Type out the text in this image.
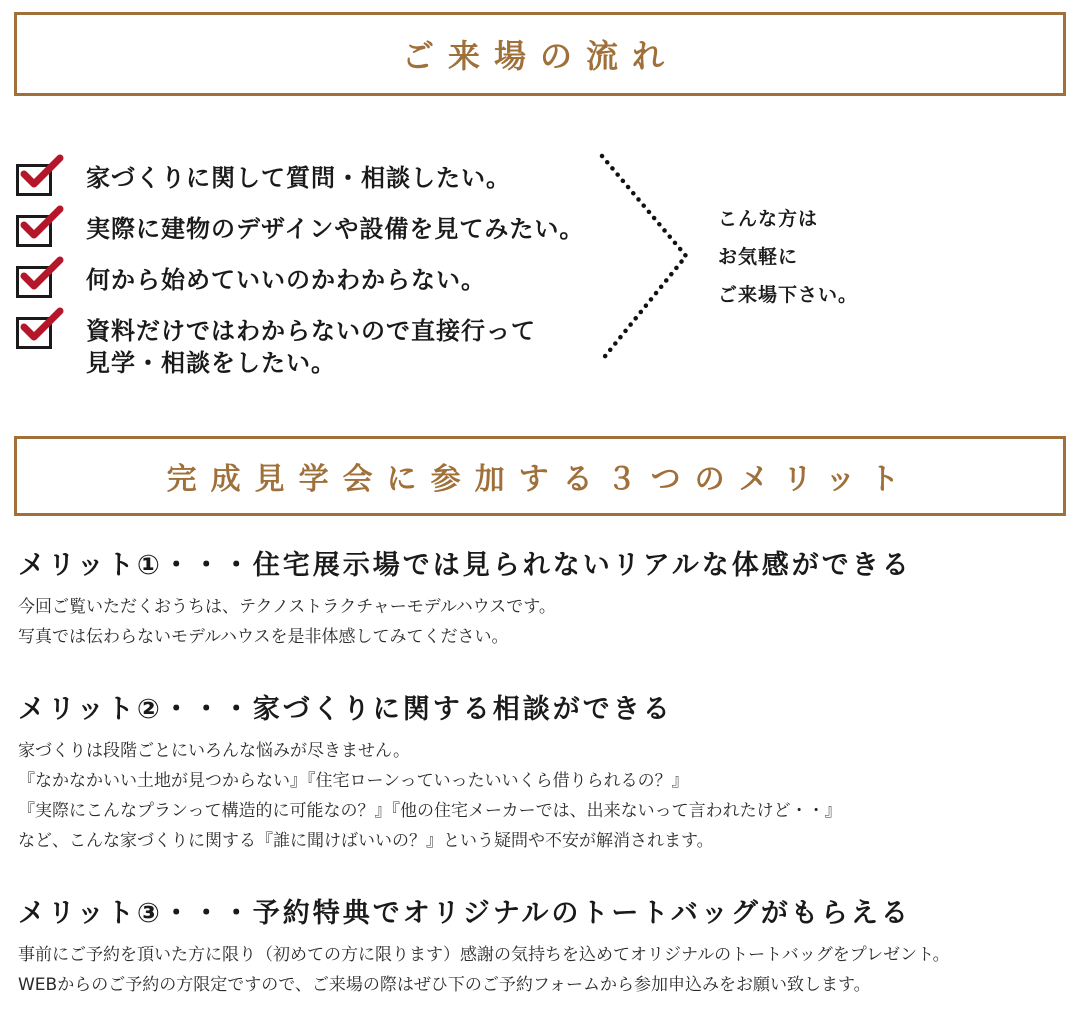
ご来場の流れ
家づくりに関して質問・相談したい。
実際に建物のデザインや設備を見てみたい。
何から始めていいのかわからない。
資料だけではわからないので直接行って
見学・相談をしたい。
こんな方は
お気軽に
ご来場下さい。
完成見学会に参加する３つのメリット
メリット①・・・住宅展示場では見られないリアルな体感ができる
今回ご覧いただくおうちは、テクノストラクチャーモデルハウスです。
写真では伝わらないモデルハウスを是非体感してみてください。
メリット②・・・家づくりに関する相談ができる
家づくりは段階ごとにいろんな悩みが尽きません。
『なかなかいい土地が見つからない』『住宅ローンっていったいいくら借りられるの？』
『実際にこんなプランって構造的に可能なの？』『他の住宅メーカーでは、出来ないって言われたけど・・』
など、こんな家づくりに関する『誰に聞けばいいの？』という疑問や不安が解消されます。
メリット③・・・予約特典でオリジナルのトートバッグがもらえる
事前にご予約を頂いた方に限り（初めての方に限ります）感謝の気持ちを込めてオリジナルのトートバッグをプレゼント。
WEBからのご予約の方限定ですので、ご来場の際はぜひ下のご予約フォームから参加申込みをお願い致します。
